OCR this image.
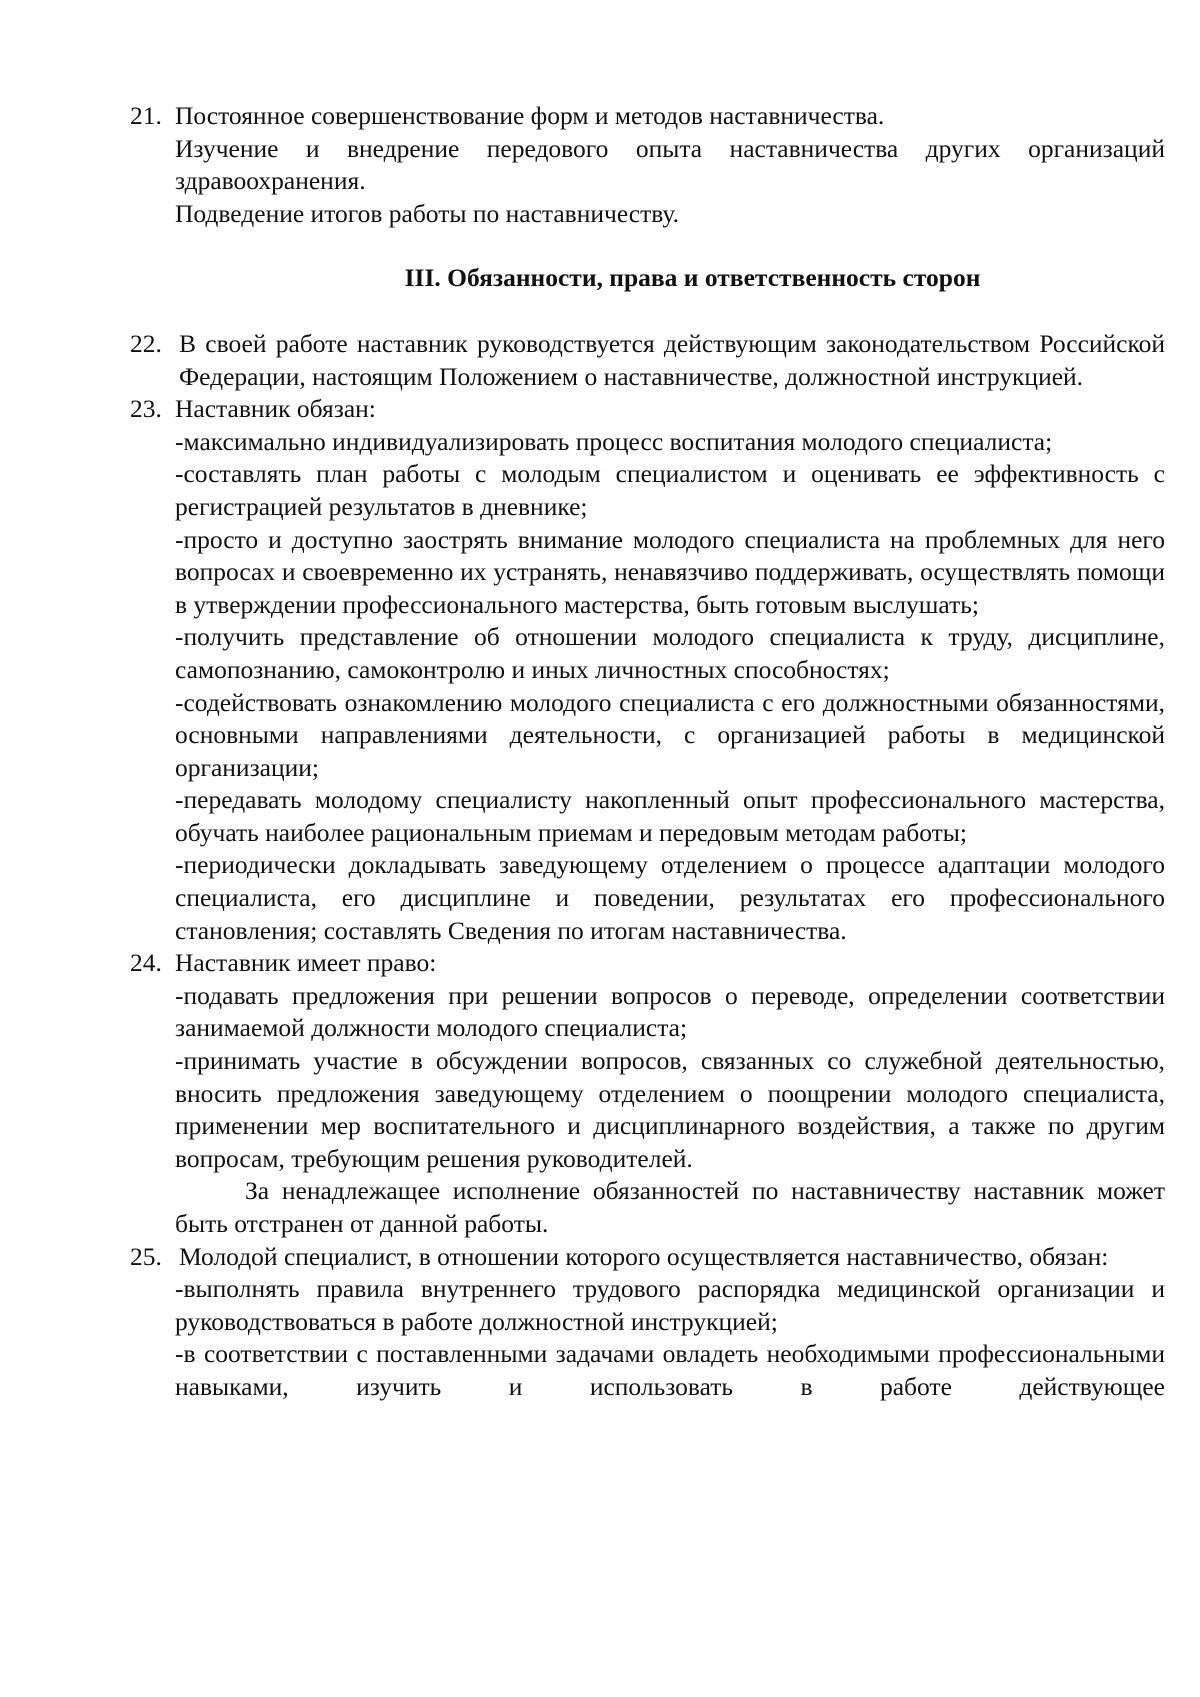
21. Постоянное совершенствование форм и методов наставничества.

Изучение и внедрение передового опыта наставничества других организаций здравоохранения.

Подведение итогов работы по наставничеству.

III. Обязанности, права и ответственность сторон
22. В своей работе наставник руководствуется действующим законодательством Российской Федерации, настоящим Положением о наставничестве, должностной инструкцией.

23. Наставник обязан:

-максимально индивидуализировать процесс воспитания молодого специалиста;

-составлять план работы с молодым специалистом и оценивать ее эффективность с регистрацией результатов в дневнике;

-просто и доступно заострять внимание молодого специалиста на проблемных для него вопросах и своевременно их устранять, ненавязчиво поддерживать, осуществлять помощи в утверждении профессионального мастерства, быть готовым выслушать;

-получить представление об отношении молодого специалиста к труду, дисциплине, самопознанию, самоконтролю и иных личностных способностях;

-содействовать ознакомлению молодого специалиста с его должностными обязанностями, основными направлениями деятельности, с организацией работы в медицинской организации;

-передавать молодому специалисту накопленный опыт профессионального мастерства, обучать наиболее рациональным приемам и передовым методам работы;

-периодически докладывать заведующему отделением о процессе адаптации молодого специалиста, его дисциплине и поведении, результатах его профессионального становления; составлять Сведения по итогам наставничества.

24. Наставник имеет право:

-подавать предложения при решении вопросов о переводе, определении соответствии занимаемой должности молодого специалиста;

-принимать участие в обсуждении вопросов, связанных со служебной деятельностью, вносить предложения заведующему отделением о поощрении молодого специалиста, применении мер воспитательного и дисциплинарного воздействия, а также по другим вопросам, требующим решения руководителей.

За ненадлежащее исполнение обязанностей по наставничеству наставник может быть отстранен от данной работы.

25. Молодой специалист, в отношении которого осуществляется наставничество, обязан:

-выполнять правила внутреннего трудового распорядка медицинской организации и руководствоваться в работе должностной инструкцией;

-в соответствии с поставленными задачами овладеть необходимыми профессиональными навыками, изучить и использовать в работе действующее
